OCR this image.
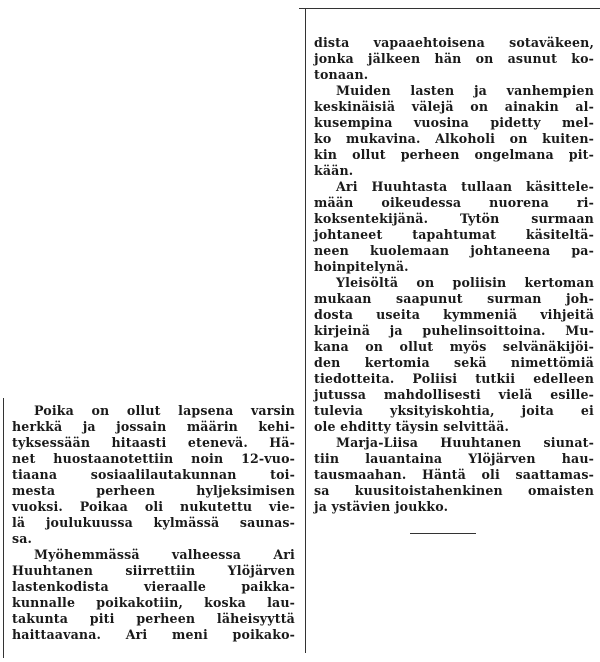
Poika on ollut lapsena varsin
herkkä ja jossain määrin kehi-
tyksessään hitaasti etenevä. Hä-
net huostaanotettiin noin 12-vuo-
tiaana sosiaalilautakunnan toi-
mesta perheen hyljeksimisen
vuoksi. Poikaa oli nukutettu vie-
lä joulukuussa kylmässä saunas-
sa.

Myöhemmässä valheessa Ari
Huuhtanen siirrettiin Ylöjärven
lastenkodista vieraalle paikka-
kunnalle poikakotiin, koska lau-
takunta piti perheen läheisyyttä
haittaavana. Ari meni poikako-

dista vapaaehtoisena sotaväkeen,
jonka jälkeen hän on asunut ko-
tonaan.

Muiden lasten ja vanhempien
keskinäisiä välejä on ainakin al-
kusempina vuosina pidetty mel-
ko mukavina. Alkoholi on kuiten-
kin ollut perheen ongelmana pit-
kään.

Ari Huuhtasta tullaan käsittele-
mään oikeudessa nuorena ri-
koksentekijänä. Tytön surmaan
johtaneet tapahtumat käsiteltä-
neen kuolemaan johtaneena pa-
hoinpitelynä.

Yleisöltä on poliisin kertoman
mukaan saapunut surman joh-
dosta useita kymmeniä vihjeitä
kirjeinä ja puhelinsoittoina. Mu-
kana on ollut myös selvänäkijöi-
den kertomia sekä nimettömiä
tiedotteita. Poliisi tutkii edelleen
jutussa mahdollisesti vielä esille-
tulevia yksityiskohtia, joita ei
ole ehditty täysin selvittää.

Marja-Liisa Huuhtanen siunat-
tiin lauantaina Ylöjärven hau-
tausmaahan. Häntä oli saattamas-
sa kuusitoistahenkinen omaisten
ja ystävien joukko.
